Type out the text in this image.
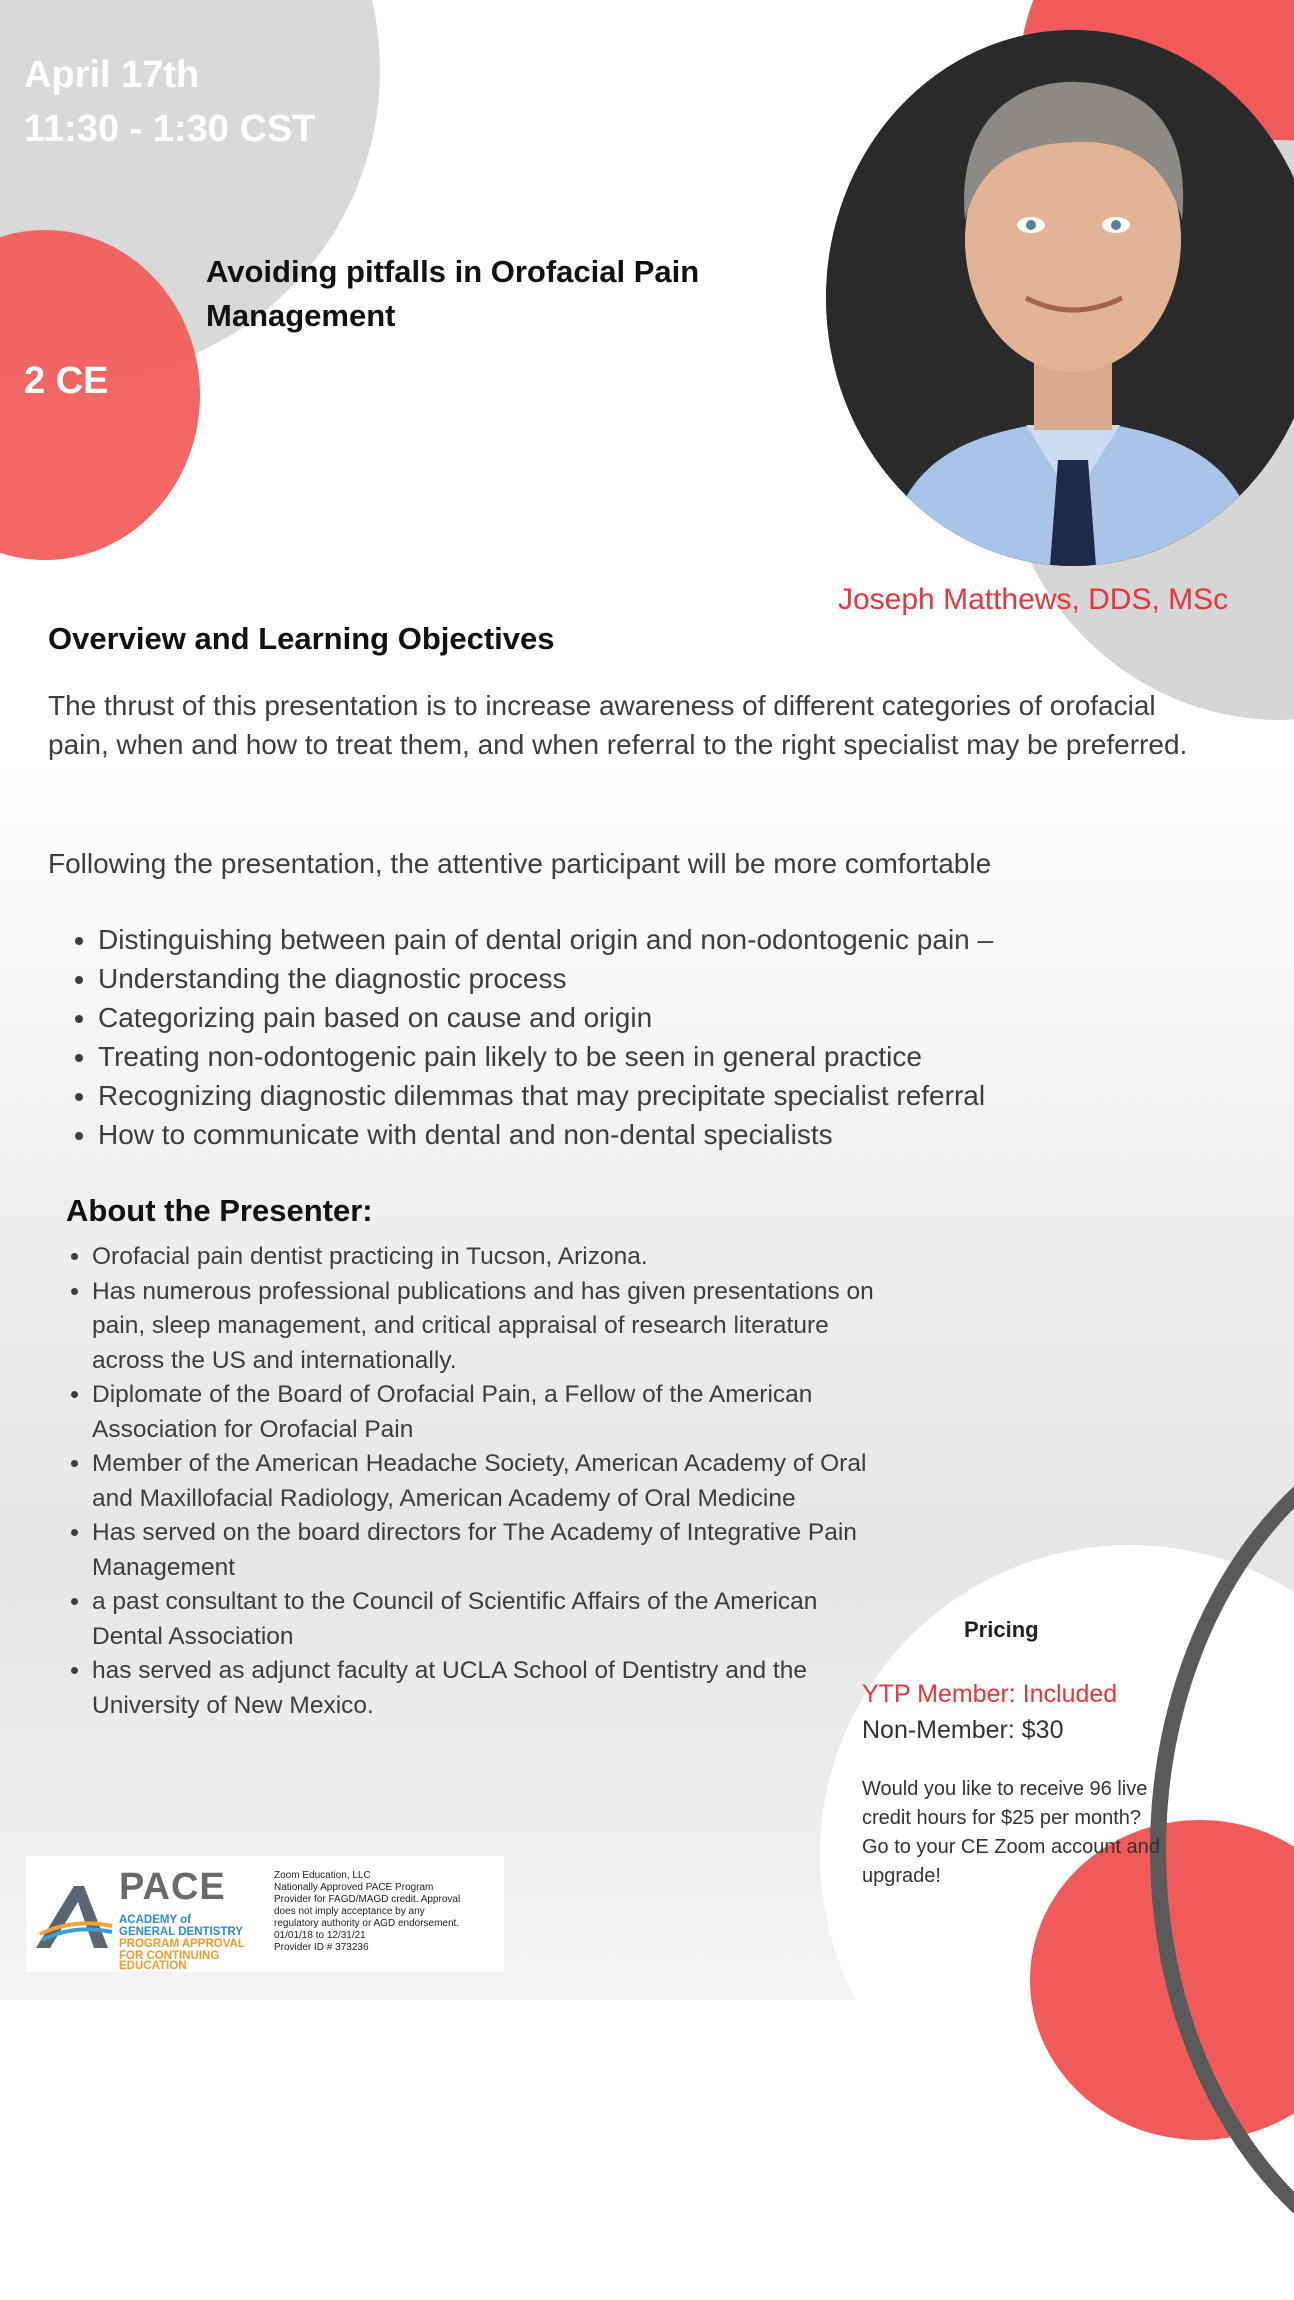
April 17th
11:30 - 1:30 CST
Avoiding pitfalls in Orofacial Pain Management
2 CE
Joseph Matthews, DDS, MSc
Overview and Learning Objectives
The thrust of this presentation is to increase awareness of different categories of orofacial pain, when and how to treat them, and when referral to the right specialist may be preferred.
Following the presentation, the attentive participant will be more comfortable
• Distinguishing between pain of dental origin and non-odontogenic pain –
• Understanding the diagnostic process
• Categorizing pain based on cause and origin
• Treating non-odontogenic pain likely to be seen in general practice
• Recognizing diagnostic dilemmas that may precipitate specialist referral
• How to communicate with dental and non-dental specialists
About the Presenter:
• Orofacial pain dentist practicing in Tucson, Arizona.
• Has numerous professional publications and has given presentations on pain, sleep management, and critical appraisal of research literature across the US and internationally.
• Diplomate of the Board of Orofacial Pain, a Fellow of the American Association for Orofacial Pain
• Member of the American Headache Society, American Academy of Oral and Maxillofacial Radiology, American Academy of Oral Medicine
• Has served on the board directors for The Academy of Integrative Pain Management
• a past consultant to the Council of Scientific Affairs of the American Dental Association
• has served as adjunct faculty at UCLA School of Dentistry and the University of New Mexico.
Pricing
YTP Member: Included
Non-Member: $30
Would you like to receive 96 live credit hours for $25 per month? Go to your CE Zoom account and upgrade!
PACE
ACADEMY of
GENERAL DENTISTRY
PROGRAM APPROVAL
FOR CONTINUING
EDUCATION
Zoom Education, LLC
Nationally Approved PACE Program
Provider for FAGD/MAGD credit. Approval
does not imply acceptance by any
regulatory authority or AGD endorsement.
01/01/18 to 12/31/21
Provider ID # 373236
